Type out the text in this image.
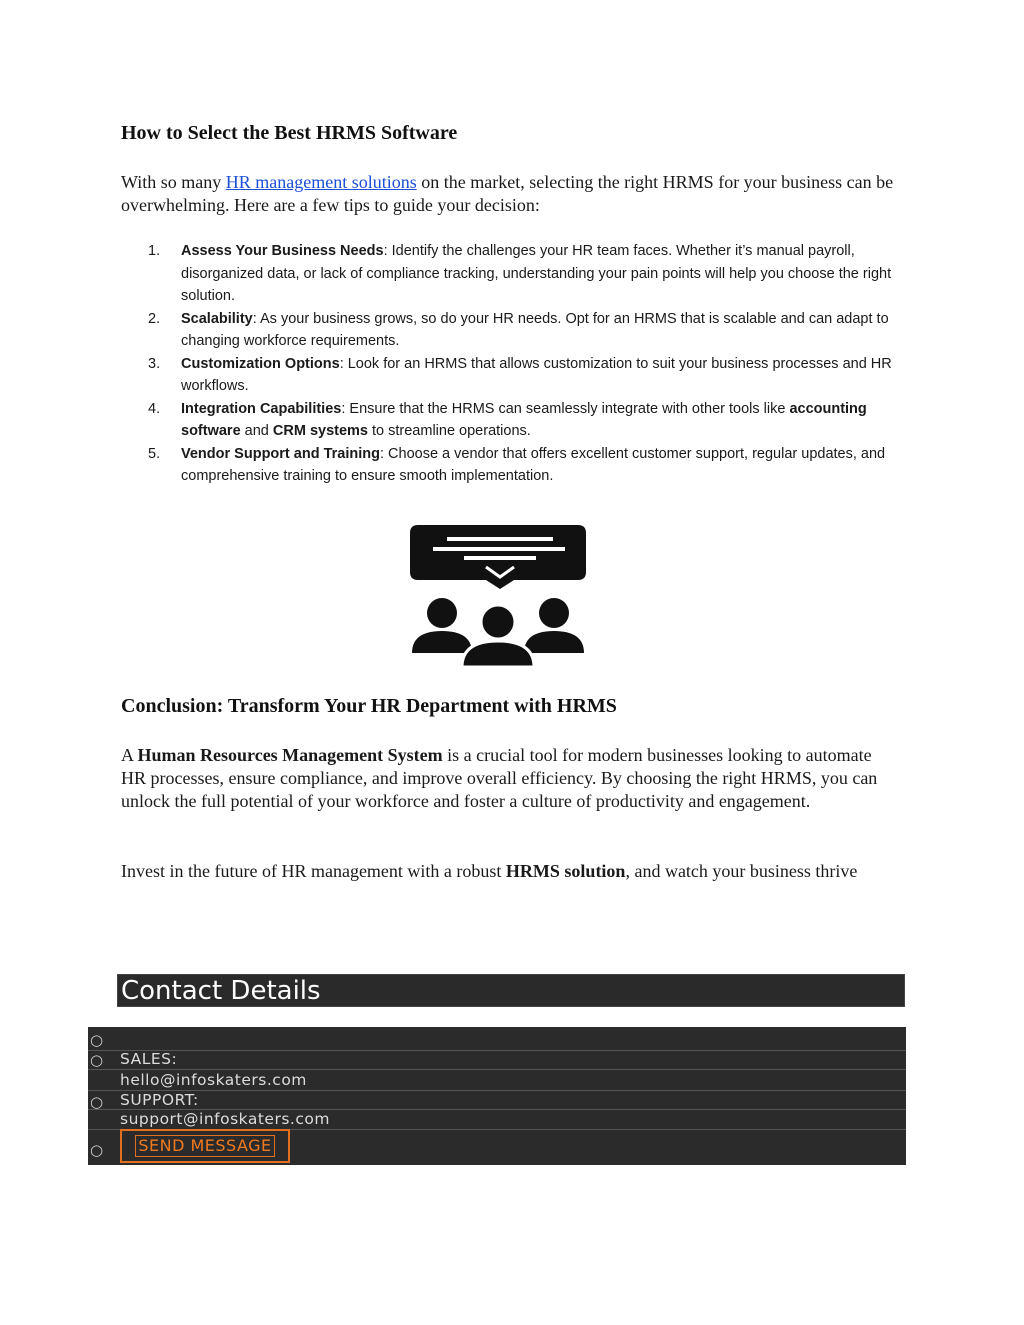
How to Select the Best HRMS Software
With so many HR management solutions on the market, selecting the right HRMS for your business can be overwhelming. Here are a few tips to guide your decision:
1. Assess Your Business Needs: Identify the challenges your HR team faces. Whether it’s manual payroll, disorganized data, or lack of compliance tracking, understanding your pain points will help you choose the right solution.
2. Scalability: As your business grows, so do your HR needs. Opt for an HRMS that is scalable and can adapt to changing workforce requirements.
3. Customization Options: Look for an HRMS that allows customization to suit your business processes and HR workflows.
4. Integration Capabilities: Ensure that the HRMS can seamlessly integrate with other tools like accounting software and CRM systems to streamline operations.
5. Vendor Support and Training: Choose a vendor that offers excellent customer support, regular updates, and comprehensive training to ensure smooth implementation.
Conclusion: Transform Your HR Department with HRMS
A Human Resources Management System is a crucial tool for modern businesses looking to automate HR processes, ensure compliance, and improve overall efficiency. By choosing the right HRMS, you can unlock the full potential of your workforce and foster a culture of productivity and engagement.
Invest in the future of HR management with a robust HRMS solution, and watch your business thrive
Contact Details
○
○ SALES:
hello@infoskaters.com
○ SUPPORT:
support@infoskaters.com
○ SEND MESSAGE
